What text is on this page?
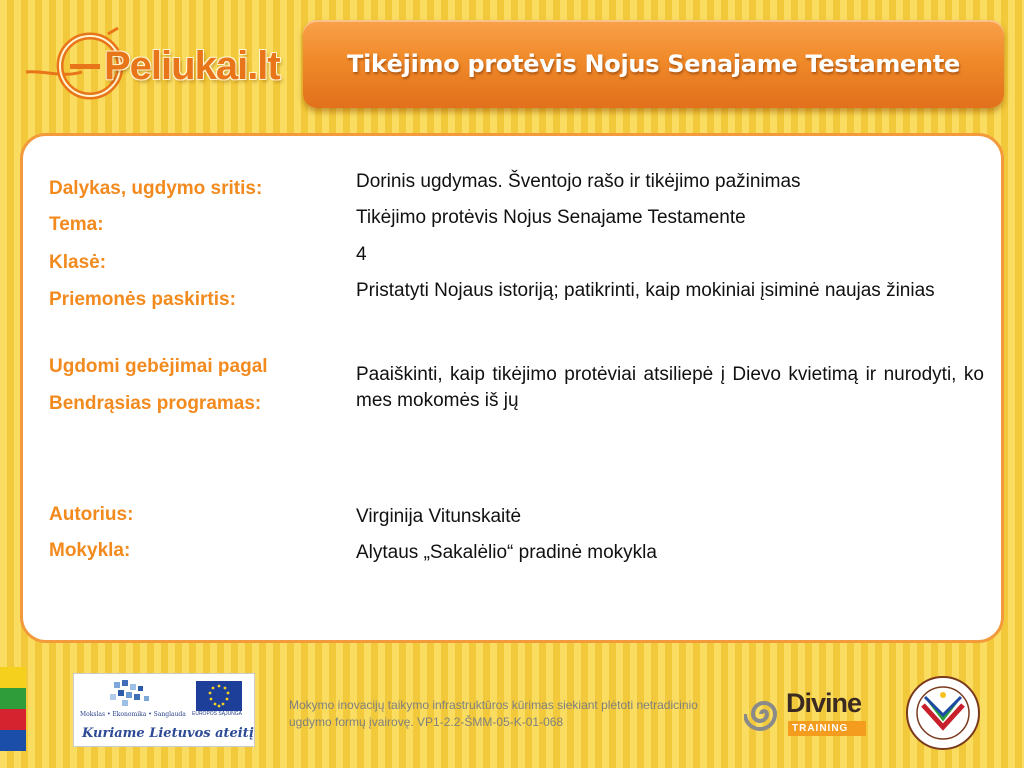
Peliukai.lt	Tikėjimo protėvis Nojus Senajame Testamente
Dalykas, ugdymo sritis:	Dorinis ugdymas. Šventojo rašo ir tikėjimo pažinimas
Tema:	Tikėjimo protėvis Nojus Senajame Testamente
Klasė:	4
Priemonės paskirtis:	Pristatyti Nojaus istoriją; patikrinti, kaip mokiniai įsiminė naujas žinias
Ugdomi gebėjimai pagal
Bendrąsias programas:
Paaiškinti, kaip tikėjimo protėviai atsiliepė į Dievo kvietimą ir nurodyti, ko mes mokomės iš jų
Autorius:	Virginija Vitunskaitė
Mokykla:	Alytaus „Sakalėlio“ pradinė mokykla
Mokslas • Ekonomika • Sanglauda EUROPOS SĄJUNGA
Kuriame Lietuvos ateitį
Mokymo inovacijų taikymo infrastruktūros kūrimas siekiant plėtoti netradicinio ugdymo formų įvairovę. VP1-2.2-ŠMM-05-K-01-068
Divine
TRAINING
